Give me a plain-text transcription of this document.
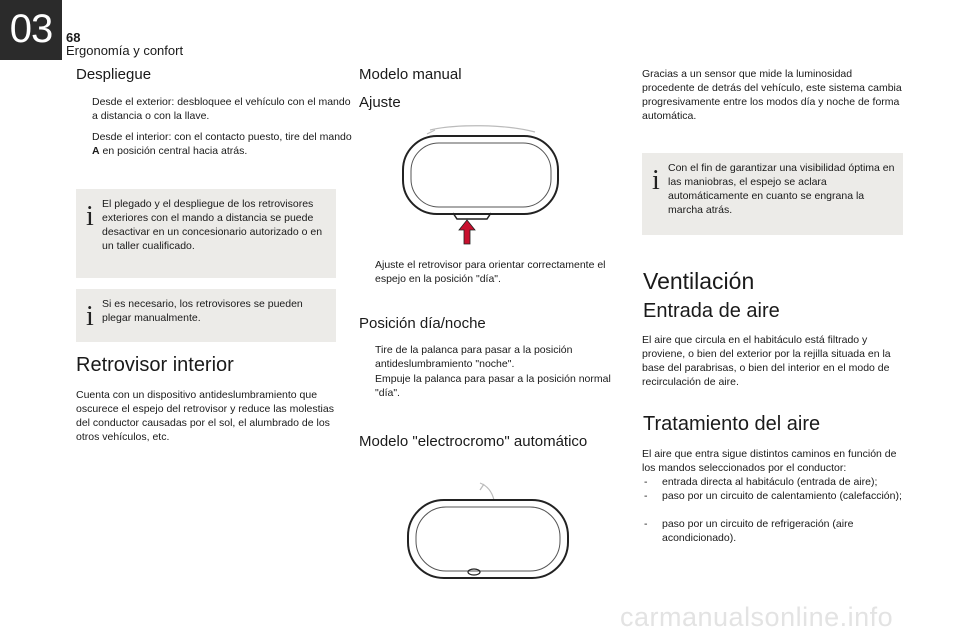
03	68
Ergonomía y confort
Despliegue
Desde el exterior: desbloquee el vehículo con el mando a distancia o con la llave.
Desde el interior: con el contacto puesto, tire del mando A en posición central hacia atrás.
i El plegado y el despliegue de los retrovisores exteriores con el mando a distancia se puede desactivar en un concesionario autorizado o en un taller cualificado.
i Si es necesario, los retrovisores se pueden plegar manualmente.
Retrovisor interior
Cuenta con un dispositivo antideslumbramiento que oscurece el espejo del retrovisor y reduce las molestias del conductor causadas por el sol, el alumbrado de los otros vehículos, etc.
Modelo manual
Ajuste
Ajuste el retrovisor para orientar correctamente el espejo en la posición "día".
Posición día/noche
Tire de la palanca para pasar a la posición antideslumbramiento "noche".
Empuje la palanca para pasar a la posición normal "día".
Modelo "electrocromo" automático
Gracias a un sensor que mide la luminosidad procedente de detrás del vehículo, este sistema cambia progresivamente entre los modos día y noche de forma automática.
i Con el fin de garantizar una visibilidad óptima en las maniobras, el espejo se aclara automáticamente en cuanto se engrana la marcha atrás.
Ventilación
Entrada de aire
El aire que circula en el habitáculo está filtrado y proviene, o bien del exterior por la rejilla situada en la base del parabrisas, o bien del interior en el modo de recirculación de aire.
Tratamiento del aire
El aire que entra sigue distintos caminos en función de los mandos seleccionados por el conductor:
- entrada directa al habitáculo (entrada de aire);
- paso por un circuito de calentamiento (calefacción);
- paso por un circuito de refrigeración (aire acondicionado).
carmanualsonline.info
